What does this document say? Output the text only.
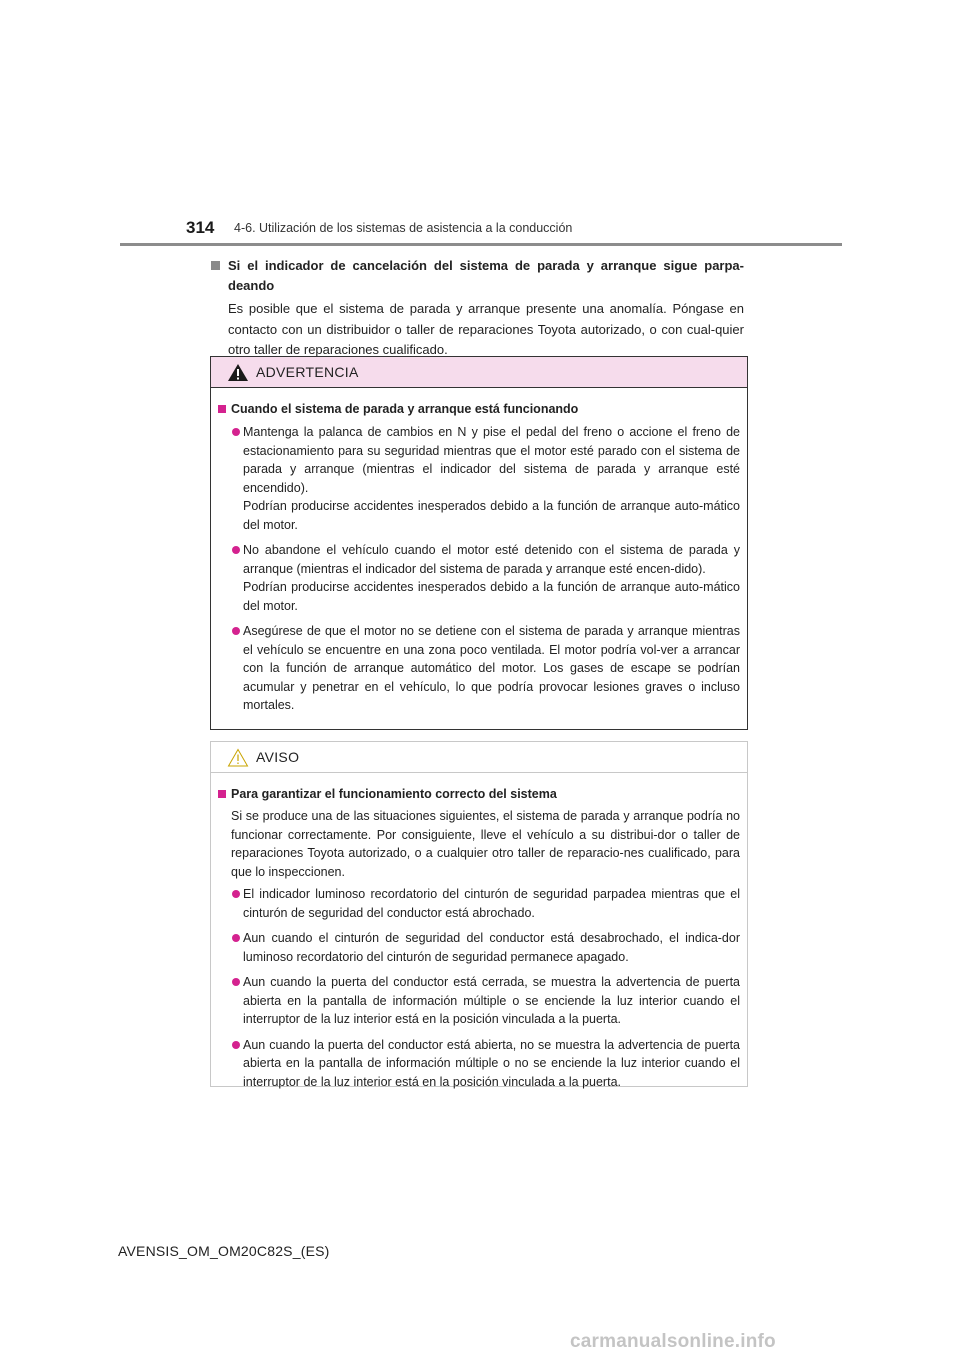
314 4-6. Utilización de los sistemas de asistencia a la conducción
Si el indicador de cancelación del sistema de parada y arranque sigue parpa-deando
Es posible que el sistema de parada y arranque presente una anomalía. Póngase en contacto con un distribuidor o taller de reparaciones Toyota autorizado, o con cual-quier otro taller de reparaciones cualificado.
ADVERTENCIA
Cuando el sistema de parada y arranque está funcionando
Mantenga la palanca de cambios en N y pise el pedal del freno o accione el freno de estacionamiento para su seguridad mientras que el motor esté parado con el sistema de parada y arranque (mientras el indicador del sistema de parada y arranque esté encendido).
Podrían producirse accidentes inesperados debido a la función de arranque auto-mático del motor.
No abandone el vehículo cuando el motor esté detenido con el sistema de parada y arranque (mientras el indicador del sistema de parada y arranque esté encen-dido).
Podrían producirse accidentes inesperados debido a la función de arranque auto-mático del motor.
Asegúrese de que el motor no se detiene con el sistema de parada y arranque mientras el vehículo se encuentre en una zona poco ventilada. El motor podría vol-ver a arrancar con la función de arranque automático del motor. Los gases de escape se podrían acumular y penetrar en el vehículo, lo que podría provocar lesiones graves o incluso mortales.
AVISO
Para garantizar el funcionamiento correcto del sistema
Si se produce una de las situaciones siguientes, el sistema de parada y arranque podría no funcionar correctamente. Por consiguiente, lleve el vehículo a su distribui-dor o taller de reparaciones Toyota autorizado, o a cualquier otro taller de reparacio-nes cualificado, para que lo inspeccionen.
El indicador luminoso recordatorio del cinturón de seguridad parpadea mientras que el cinturón de seguridad del conductor está abrochado.
Aun cuando el cinturón de seguridad del conductor está desabrochado, el indica-dor luminoso recordatorio del cinturón de seguridad permanece apagado.
Aun cuando la puerta del conductor está cerrada, se muestra la advertencia de puerta abierta en la pantalla de información múltiple o se enciende la luz interior cuando el interruptor de la luz interior está en la posición vinculada a la puerta.
Aun cuando la puerta del conductor está abierta, no se muestra la advertencia de puerta abierta en la pantalla de información múltiple o no se enciende la luz interior cuando el interruptor de la luz interior está en la posición vinculada a la puerta.
AVENSIS_OM_OM20C82S_(ES)
carmanualsonline.info
